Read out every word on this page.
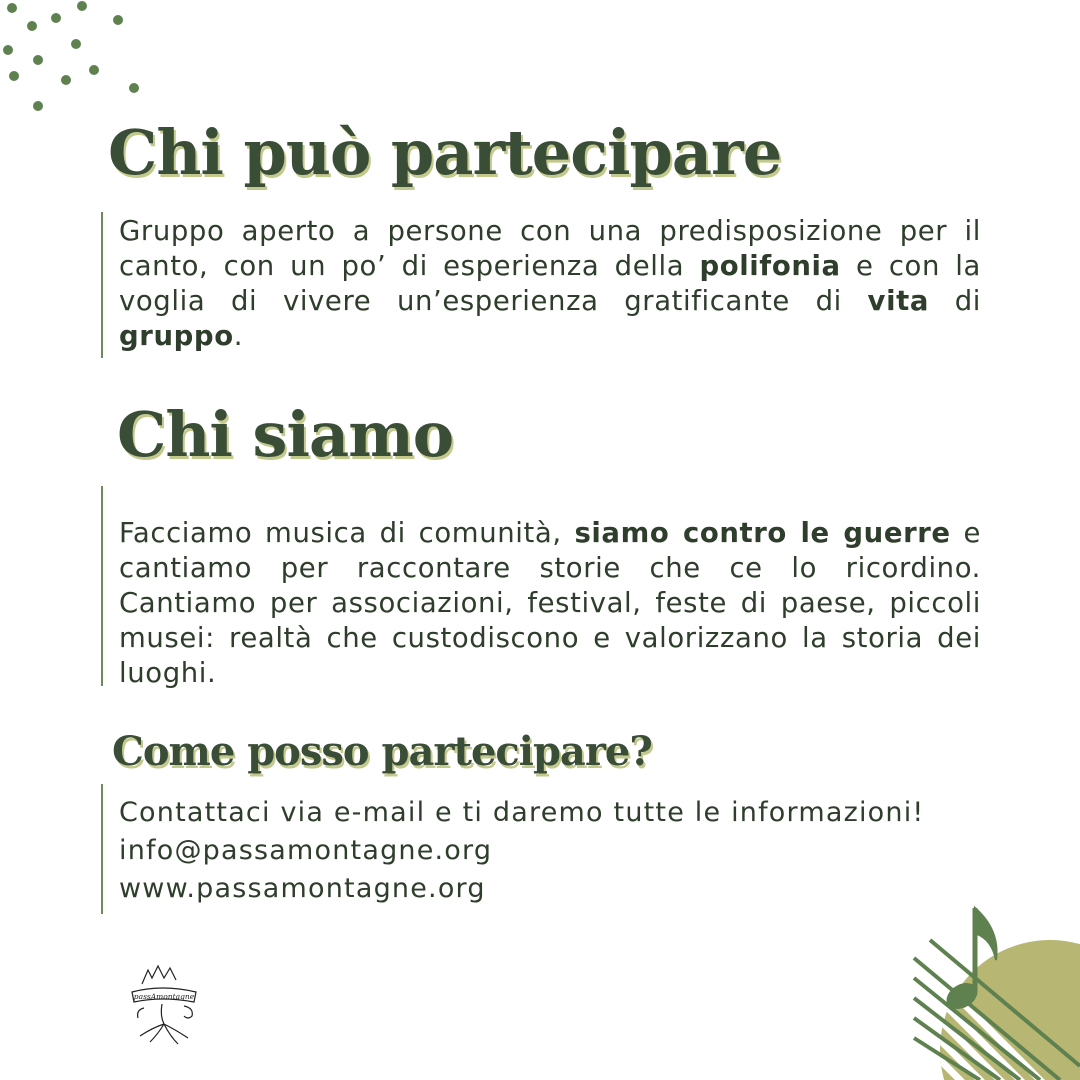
Chi può partecipare

Gruppo aperto a persone con una predisposizione per il canto, con un po’ di esperienza della polifonia e con la voglia di vivere un’esperienza gratificante di vita di gruppo.

Chi siamo

Facciamo musica di comunità, siamo contro le guerre e cantiamo per raccontare storie che ce lo ricordino. Cantiamo per associazioni, festival, feste di paese, piccoli musei: realtà che custodiscono e valorizzano la storia dei luoghi.

Come posso partecipare?
Contattaci via e-mail e ti daremo tutte le informazioni!
info@passamontagne.org
www.passamontagne.org
passAmontagne
